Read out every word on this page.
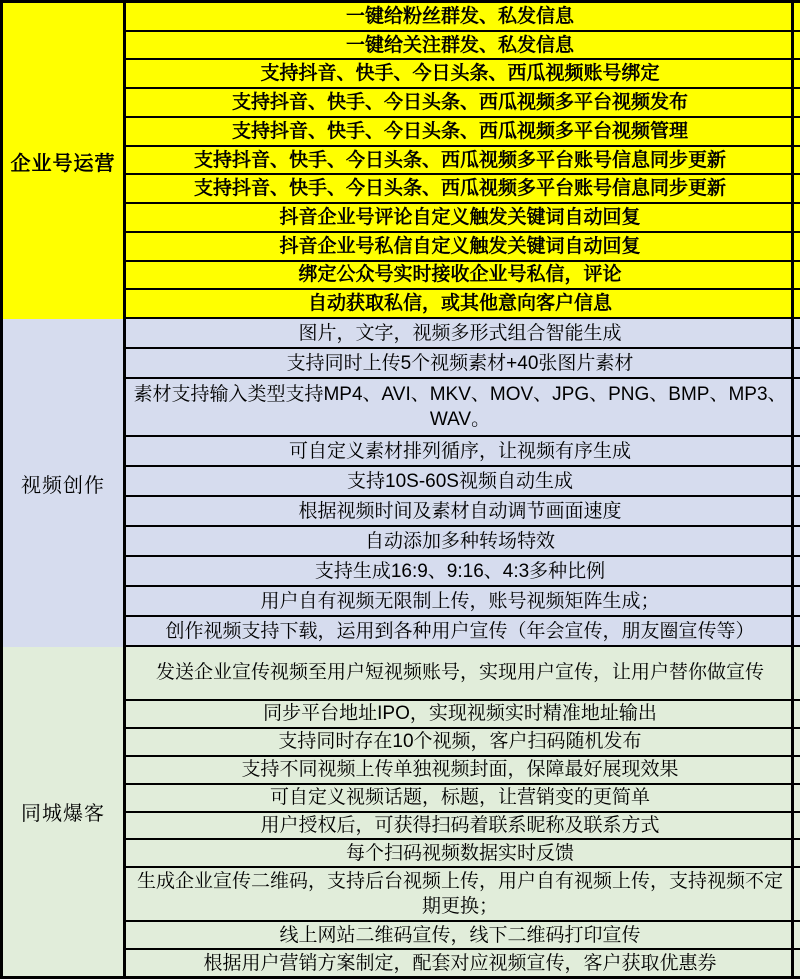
企业号运营
一键给粉丝群发、私发信息
一键给关注群发、私发信息
支持抖音、快手、今日头条、西瓜视频账号绑定
支持抖音、快手、今日头条、西瓜视频多平台视频发布
支持抖音、快手、今日头条、西瓜视频多平台视频管理
支持抖音、快手、今日头条、西瓜视频多平台账号信息同步更新
支持抖音、快手、今日头条、西瓜视频多平台账号信息同步更新
抖音企业号评论自定义触发关键词自动回复
抖音企业号私信自定义触发关键词自动回复
绑定公众号实时接收企业号私信，评论
自动获取私信，或其他意向客户信息
视频创作
图片，文字，视频多形式组合智能生成
支持同时上传5个视频素材+40张图片素材
素材支持输入类型支持MP4、AVI、MKV、MOV、JPG、PNG、BMP、MP3、WAV。
可自定义素材排列循序，让视频有序生成
支持10S-60S视频自动生成
根据视频时间及素材自动调节画面速度
自动添加多种转场特效
支持生成16:9、9:16、4:3多种比例
用户自有视频无限制上传，账号视频矩阵生成；
创作视频支持下载，运用到各种用户宣传（年会宣传，朋友圈宣传等）
同城爆客
发送企业宣传视频至用户短视频账号，实现用户宣传，让用户替你做宣传
同步平台地址IPO，实现视频实时精准地址输出
支持同时存在10个视频，客户扫码随机发布
支持不同视频上传单独视频封面，保障最好展现效果
可自定义视频话题，标题，让营销变的更简单
用户授权后，可获得扫码着联系昵称及联系方式
每个扫码视频数据实时反馈
生成企业宣传二维码，支持后台视频上传，用户自有视频上传，支持视频不定期更换；
线上网站二维码宣传，线下二维码打印宣传
根据用户营销方案制定，配套对应视频宣传，客户获取优惠券
